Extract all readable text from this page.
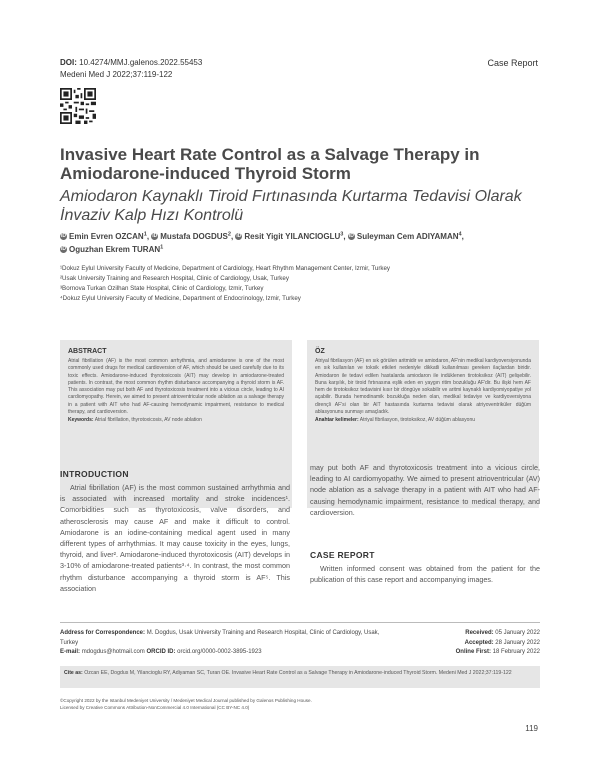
DOI: 10.4274/MMJ.galenos.2022.55453
Medeni Med J 2022;37:119-122
Case Report
Invasive Heart Rate Control as a Salvage Therapy in Amiodarone-induced Thyroid Storm
Amiodaron Kaynaklı Tiroid Fırtınasında Kurtarma Tedavisi Olarak İnvaziv Kalp Hızı Kontrolü
iD Emin Evren OZCAN$^1$, iD Mustafa DOGDUS$^2$, iD Resit Yigit YILANCIOGLU$^3$, iD Suleyman Cem ADIYAMAN$^4$,
iD Oguzhan Ekrem TURAN$^1$
¹Dokuz Eylul University Faculty of Medicine, Department of Cardiology, Heart Rhythm Management Center, Izmir, Turkey
²Usak University Training and Research Hospital, Clinic of Cardiology, Usak, Turkey
³Bornova Turkan Ozilhan State Hospital, Clinic of Cardiology, Izmir, Turkey
⁴Dokuz Eylul University Faculty of Medicine, Department of Endocrinology, Izmir, Turkey
ABSTRACT
Atrial fibrillation (AF) is the most common arrhythmia, and amiodarone is one of the most commonly used drugs for medical cardioversion of AF, which should be used carefully due to its toxic effects. Amiodarone-induced thyrotoxicosis (AIT) may develop in amiodarone-treated patients. In contrast, the most common rhythm disturbance accompanying a thyroid storm is AF. This association may put both AF and thyrotoxicosis treatment into a vicious circle, leading to AI cardiomyopathy. Herein, we aimed to present atrioventricular node ablation as a salvage therapy in a patient with AIT who had AF-causing hemodynamic impairment, resistance to medical therapy, and cardioversion.
Keywords: Atrial fibrillation, thyrotoxicosis, AV node ablation
ÖZ
Atriyal fibrilasyon (AF) en sık görülen aritmidir ve amiodaron, AF'nin medikal kardiyoversiyonunda en sık kullanılan ve toksik etkileri nedeniyle dikkatli kullanılması gereken ilaçlardan biridir. Amiodaron ile tedavi edilen hastalarda amiodaron ile indüklenen tirotoksikoz (AIT) gelişebilir. Buna karşılık, bir tiroid fırtınasına eşlik eden en yaygın ritim bozukluğu AF'dir. Bu ilişki hem AF hem de tirotoksikoz tedavisini kısır bir döngüye sokabilir ve aritmi kaynaklı kardiyomiyopatiye yol açabilir. Burada hemodinamik bozukluğa neden olan, medikal tedaviye ve kardiyoversiyona dirençli AF'si olan bir AIT hastasında kurtarma tedavisi olarak atriyoventriküler düğüm ablasyonunu sunmayı amaçladık.
Anahtar kelimeler: Atriyal fibrilasyon, tirotoksikoz, AV düğüm ablasyonu
INTRODUCTION
Atrial fibrillation (AF) is the most common sustained arrhythmia and is associated with increased mortality and stroke incidences¹. Comorbidities such as thyrotoxicosis, valve disorders, and atherosclerosis may cause AF and make it difficult to control. Amiodarone is an iodine-containing medical agent used in many different types of arrhythmias. It may cause toxicity in the eyes, lungs, thyroid, and liver². Amiodarone-induced thyrotoxicosis (AIT) develops in 3-10% of amiodarone-treated patients³·⁴. In contrast, the most common rhythm disturbance accompanying a thyroid storm is AF⁵. This association
may put both AF and thyrotoxicosis treatment into a vicious circle, leading to AI cardiomyopathy. We aimed to present atrioventricular (AV) node ablation as a salvage therapy in a patient with AIT who had AF-causing hemodynamic impairment, resistance to medical therapy, and cardioversion.
CASE REPORT
Written informed consent was obtained from the patient for the publication of this case report and accompanying images.
Address for Correspondence: M. Dogdus, Usak University Training and Research Hospital, Clinic of Cardiology, Usak, Turkey
E-mail: mdogdus@hotmail.com ORCID ID: orcid.org/0000-0002-3895-1923
Received: 05 January 2022
Accepted: 28 January 2022
Online First: 18 February 2022
Cite as: Ozcan EE, Dogdus M, Yilancioglu RY, Adiyaman SC, Turan OE. Invasive Heart Rate Control as a Salvage Therapy in Amiodarone-induced Thyroid Storm. Medeni Med J 2022;37:119-122
©Copyright 2022 by the Istanbul Medeniyet University / Medeniyet Medical Journal published by Galenos Publishing House.
Licensed by Creative Commons Attribution-NonCommercial 4.0 International (CC BY-NC 4.0)
119
